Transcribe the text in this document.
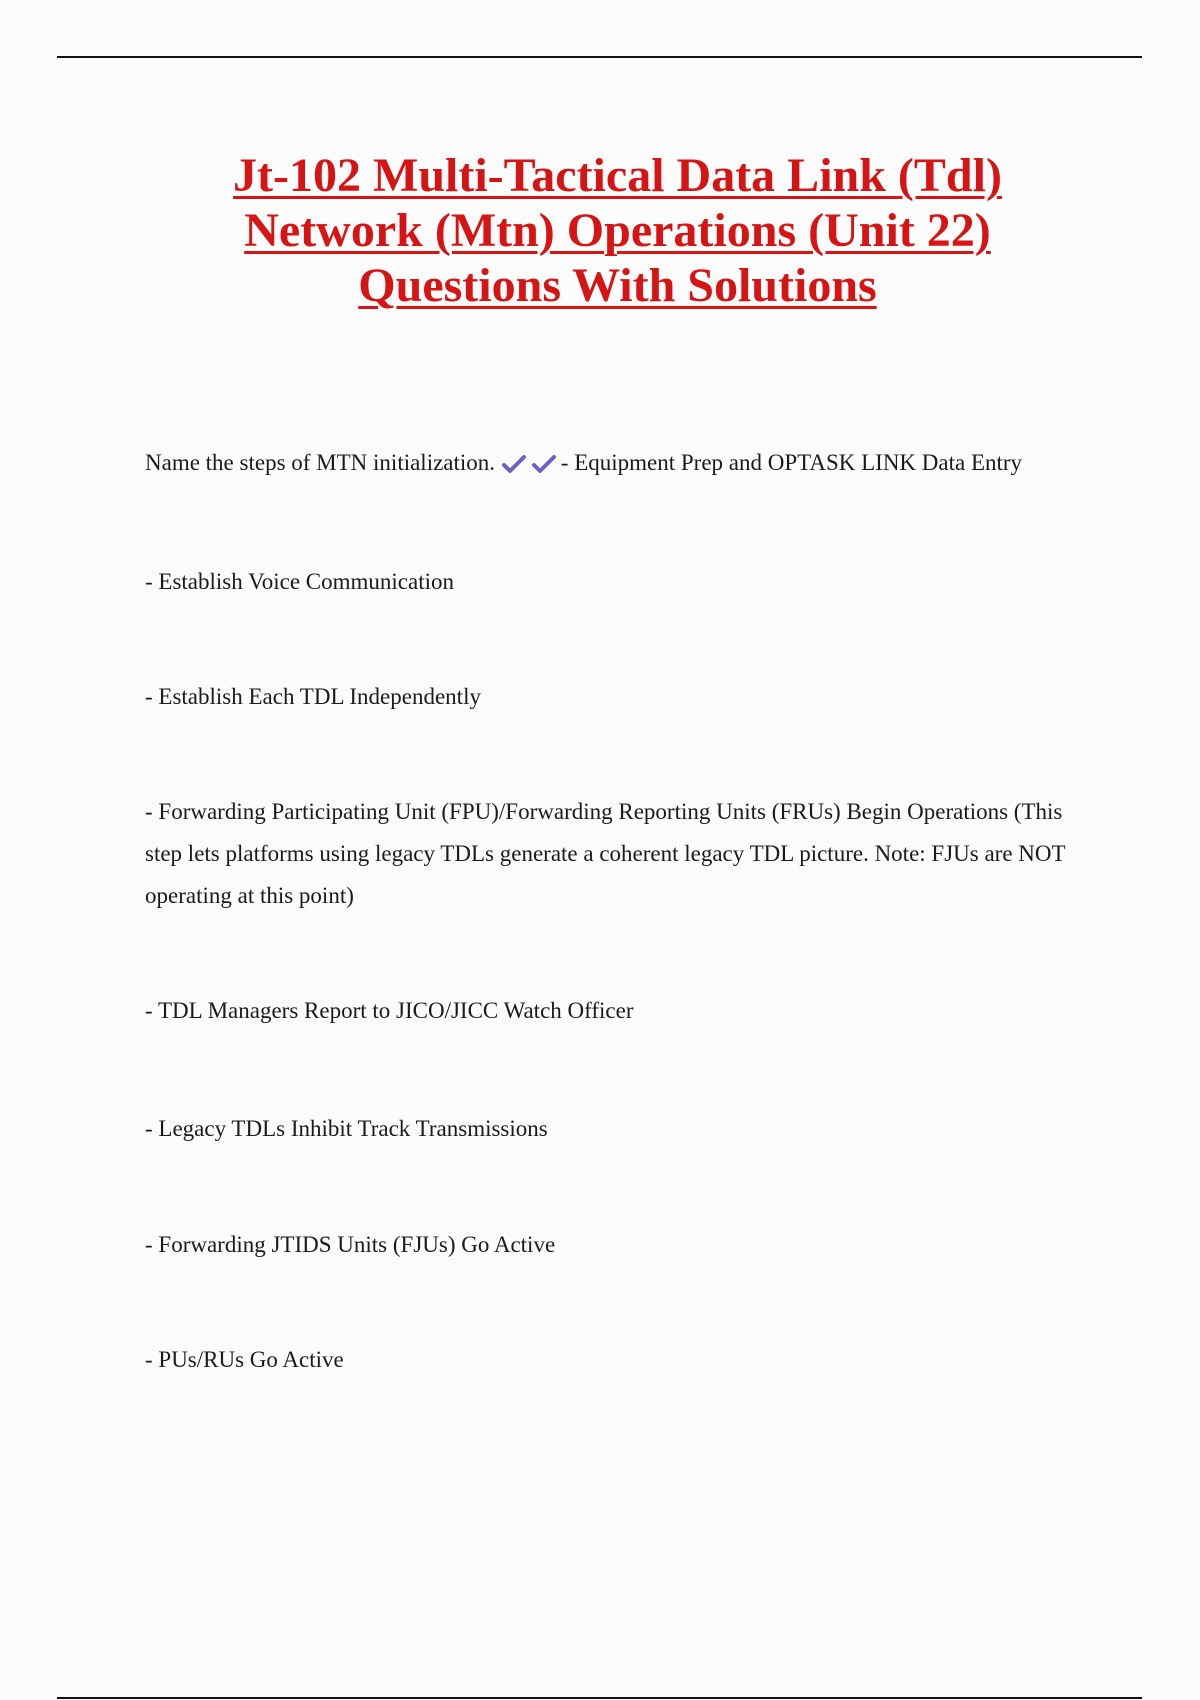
Jt-102 Multi-Tactical Data Link (Tdl)
Network (Mtn) Operations (Unit 22)
Questions With Solutions

Name the steps of MTN initialization.	- Equipment Prep and OPTASK LINK Data Entry

- Establish Voice Communication

- Establish Each TDL Independently

- Forwarding Participating Unit (FPU)/Forwarding Reporting Units (FRUs) Begin Operations (This step lets platforms using legacy TDLs generate a coherent legacy TDL picture. Note: FJUs are NOT operating at this point)

- TDL Managers Report to JICO/JICC Watch Officer

- Legacy TDLs Inhibit Track Transmissions

- Forwarding JTIDS Units (FJUs) Go Active

- PUs/RUs Go Active
